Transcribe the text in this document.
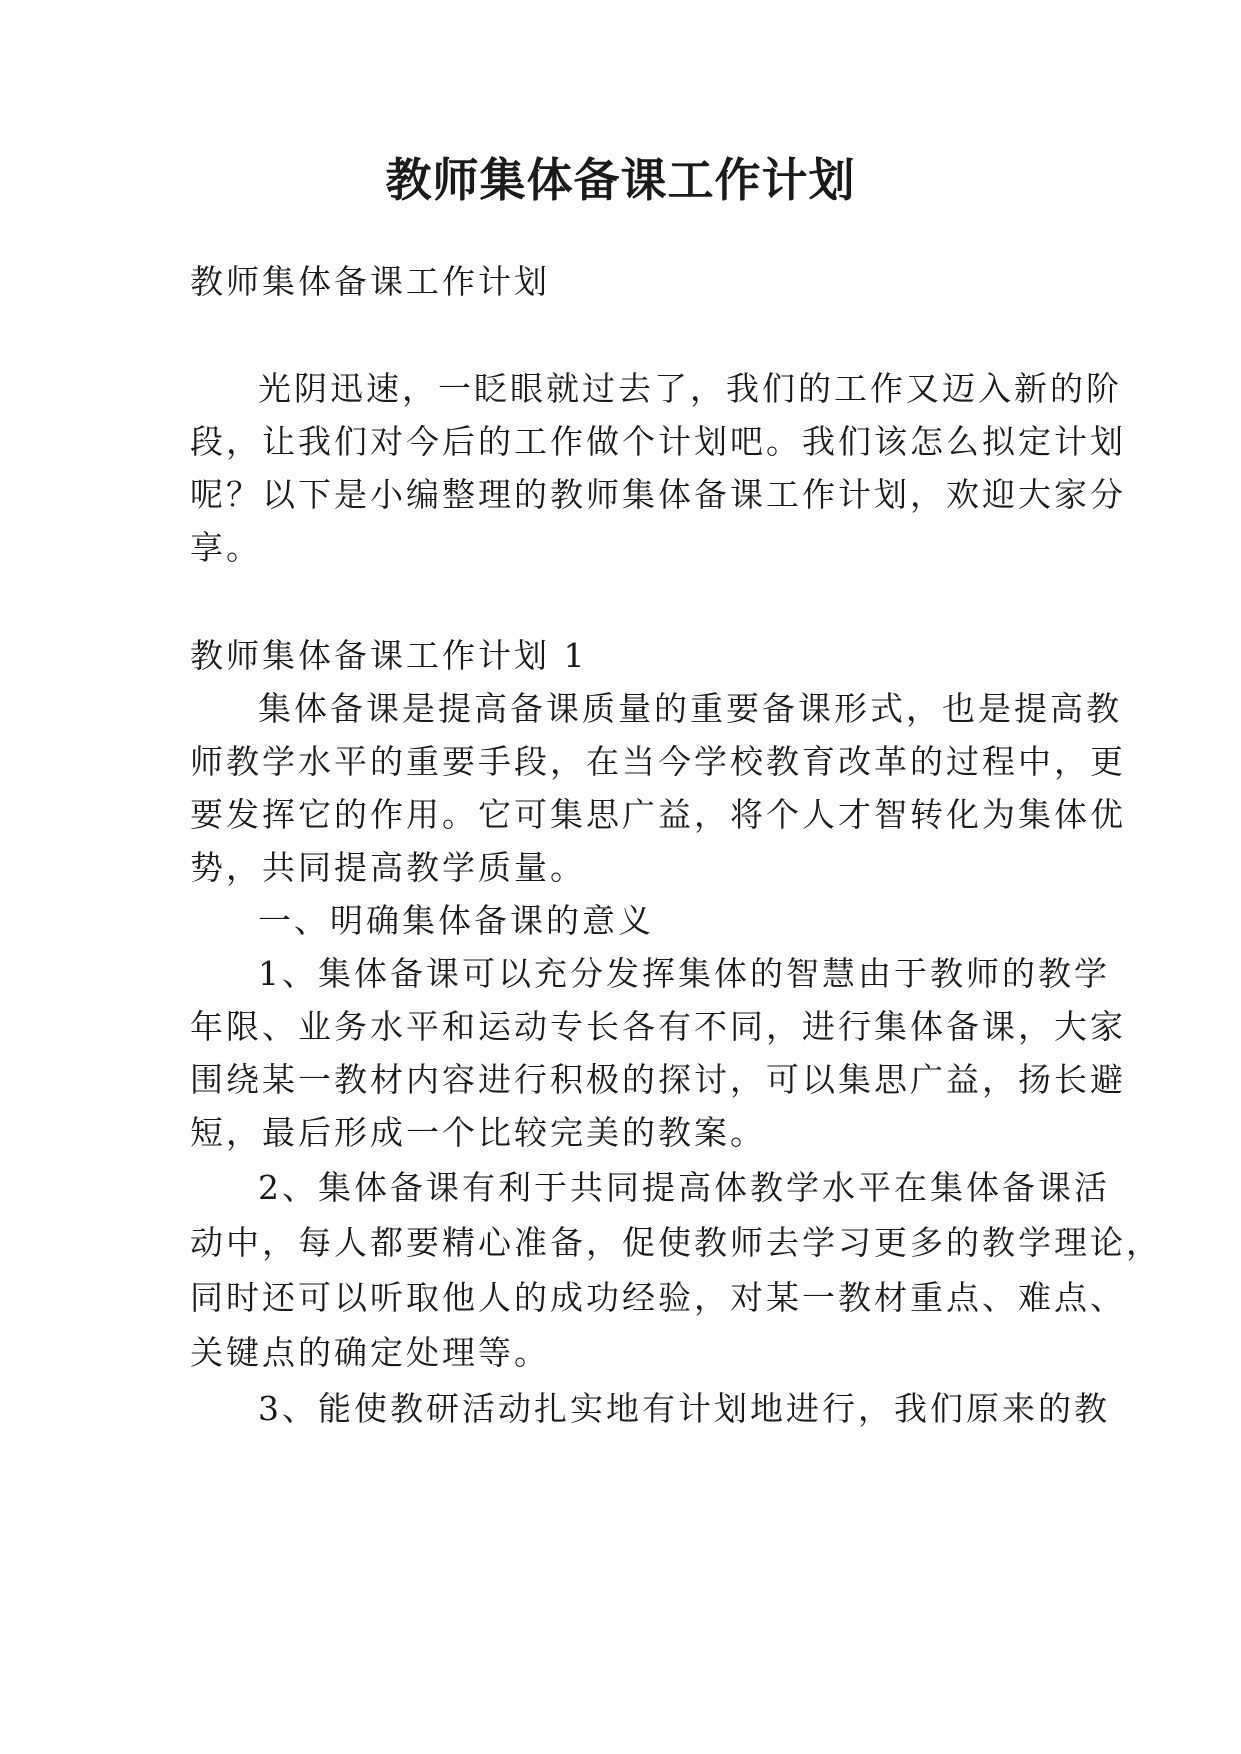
教师集体备课工作计划
教师集体备课工作计划
光阴迅速，一眨眼就过去了，我们的工作又迈入新的阶
段，让我们对今后的工作做个计划吧。我们该怎么拟定计划
呢？以下是小编整理的教师集体备课工作计划，欢迎大家分
享。
教师集体备课工作计划 1
集体备课是提高备课质量的重要备课形式，也是提高教
师教学水平的重要手段，在当今学校教育改革的过程中，更
要发挥它的作用。它可集思广益，将个人才智转化为集体优
势，共同提高教学质量。
一、明确集体备课的意义
1、集体备课可以充分发挥集体的智慧由于教师的教学
年限、业务水平和运动专长各有不同，进行集体备课，大家
围绕某一教材内容进行积极的探讨，可以集思广益，扬长避
短，最后形成一个比较完美的教案。
2、集体备课有利于共同提高体教学水平在集体备课活
动中，每人都要精心准备，促使教师去学习更多的教学理论，
同时还可以听取他人的成功经验，对某一教材重点、难点、
关键点的确定处理等。
3、能使教研活动扎实地有计划地进行，我们原来的教
